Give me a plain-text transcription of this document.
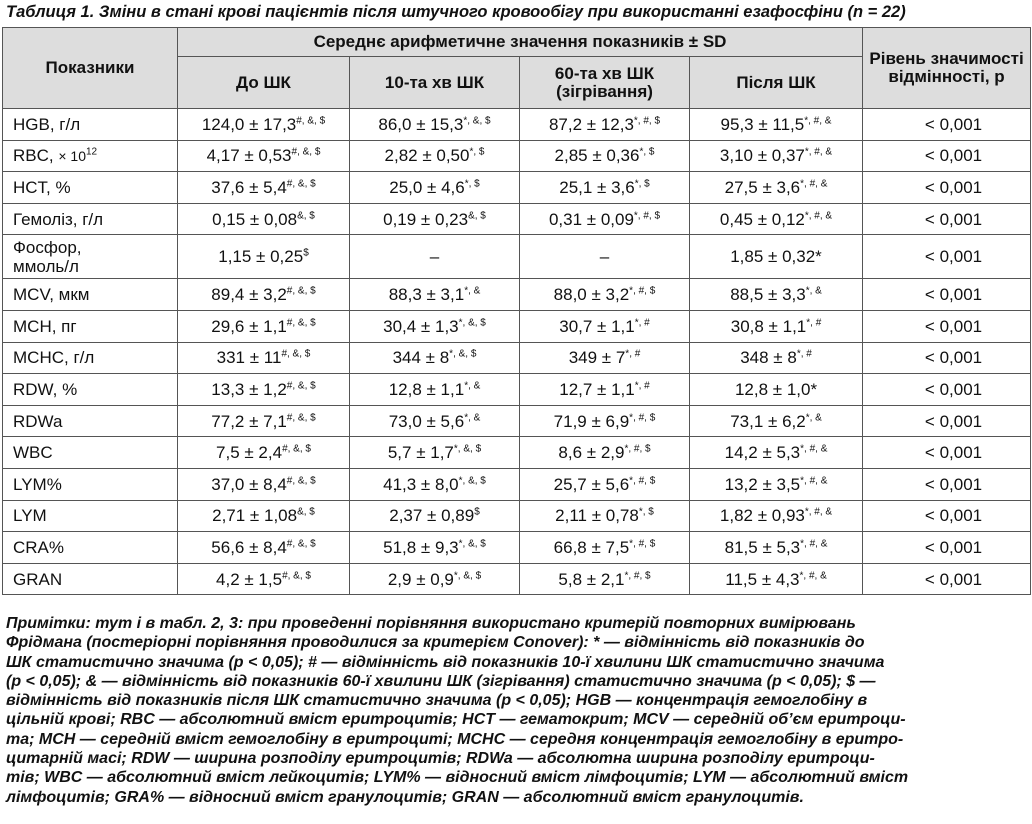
Таблиця 1. Зміни в стані крові пацієнтів після штучного кровообігу при використанні езафосфіни (n = 22)
Показники	Середнє арифметичне значення показників ± SD				Рівень значимості відмінності, p
	До ШК	10-та хв ШК	60-та хв ШК (зігрівання)	Після ШК	
HGB, г/л	124,0 ± 17,3#, &, $	86,0 ± 15,3*, &, $	87,2 ± 12,3*, #, $	95,3 ± 11,5*, #, &	< 0,001
RBC, × $10^{12}$	4,17 ± 0,53#, &, $	2,82 ± 0,50*, $	2,85 ± 0,36*, $	3,10 ± 0,37*, #, &	< 0,001
HCT, %	37,6 ± 5,4#, &, $	25,0 ± 4,6*, $	25,1 ± 3,6*, $	27,5 ± 3,6*, #, &	< 0,001
Гемоліз, г/л	0,15 ± 0,08&, $	0,19 ± 0,23&, $	0,31 ± 0,09*, #, $	0,45 ± 0,12*, #, &	< 0,001
Фосфор,
ммоль/л	1,15 ± 0,25$	–	–	1,85 ± 0,32*	< 0,001
MCV, мкм	89,4 ± 3,2#, &, $	88,3 ± 3,1*, &	88,0 ± 3,2*, #, $	88,5 ± 3,3*, &	< 0,001
MCH, пг	29,6 ± 1,1#, &, $	30,4 ± 1,3*, &, $	30,7 ± 1,1*, #	30,8 ± 1,1*, #	< 0,001
MCHC, г/л	331 ± 11#, &, $	344 ± 8*, &, $	349 ± 7*, #	348 ± 8*, #	< 0,001
RDW, %	13,3 ± 1,2#, &, $	12,8 ± 1,1*, &	12,7 ± 1,1*, #	12,8 ± 1,0*	< 0,001
RDWa	77,2 ± 7,1#, &, $	73,0 ± 5,6*, &	71,9 ± 6,9*, #, $	73,1 ± 6,2*, &	< 0,001
WBC	7,5 ± 2,4#, &, $	5,7 ± 1,7*, &, $	8,6 ± 2,9*, #, $	14,2 ± 5,3*, #, &	< 0,001
LYM%	37,0 ± 8,4#, &, $	41,3 ± 8,0*, &, $	25,7 ± 5,6*, #, $	13,2 ± 3,5*, #, &	< 0,001
LYM	2,71 ± 1,08&, $	2,37 ± 0,89$	2,11 ± 0,78*, $	1,82 ± 0,93*, #, &	< 0,001
CRA%	56,6 ± 8,4#, &, $	51,8 ± 9,3*, &, $	66,8 ± 7,5*, #, $	81,5 ± 5,3*, #, &	< 0,001
GRAN	4,2 ± 1,5#, &, $	2,9 ± 0,9*, &, $	5,8 ± 2,1*, #, $	11,5 ± 4,3*, #, &	< 0,001
Примітки: тут і в табл. 2, 3: при проведенні порівняння використано критерій повторних вимірювань
Фрідмана (постеріорні порівняння проводилися за критерієм Conover): * — відмінність від показників до
ШК статистично значима (p < 0,05); # — відмінність від показників 10-ї хвилини ШК статистично значима
(p < 0,05); & — відмінність від показників 60-ї хвилини ШК (зігрівання) статистично значима (p < 0,05); $ —
відмінність від показників після ШК статистично значима (p < 0,05); HGB — концентрація гемоглобіну в
цільній крові; RBC — абсолютний вміст еритроцитів; HCT — гематокрит; MCV — середній об’єм еритроци-
та; MCH — середній вміст гемоглобіну в еритроциті; MCHC — середня концентрація гемоглобіну в еритро-
цитарній масі; RDW — ширина розподілу еритроцитів; RDWa — абсолютна ширина розподілу еритроци-
тів; WBC — абсолютний вміст лейкоцитів; LYM% — відносний вміст лімфоцитів; LYM — абсолютний вміст
лімфоцитів; GRA% — відносний вміст гранулоцитів; GRAN — абсолютний вміст гранулоцитів.
